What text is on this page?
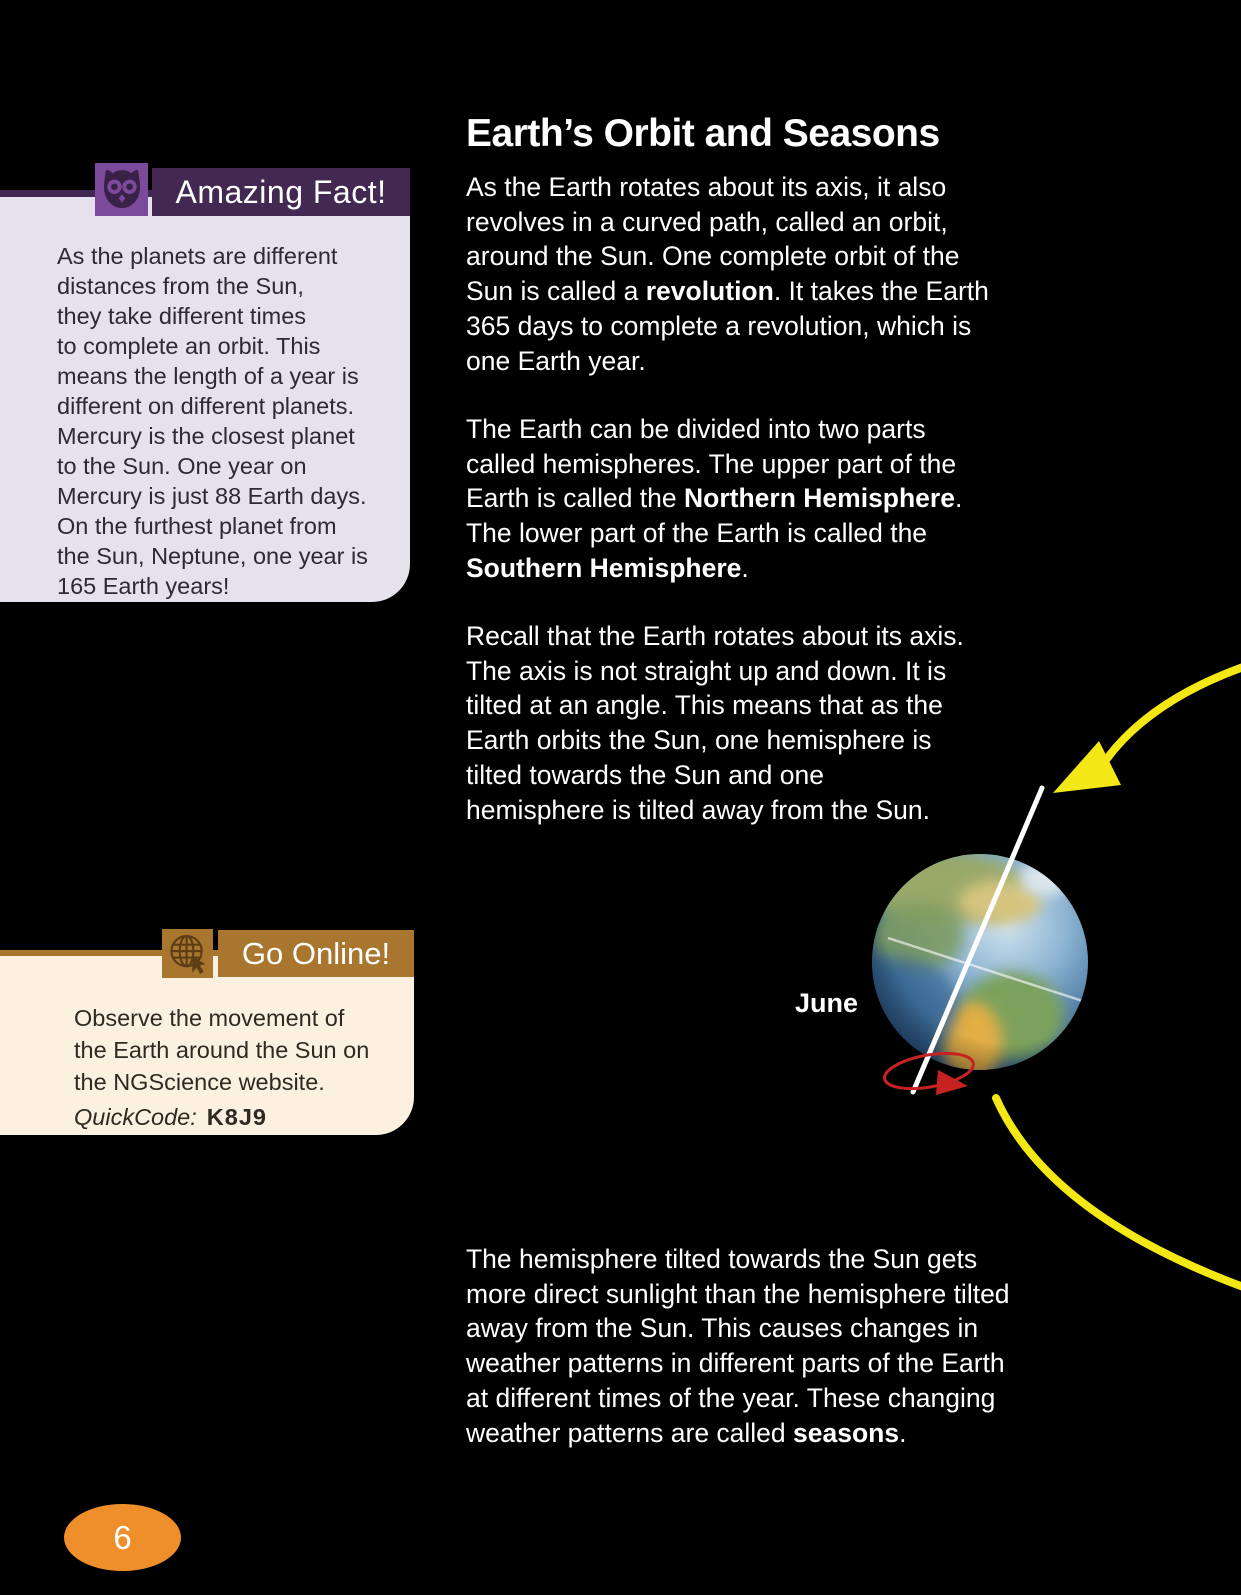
Earth’s Orbit and Seasons

As the Earth rotates about its axis, it also
revolves in a curved path, called an orbit,
around the Sun. One complete orbit of the
Sun is called a revolution. It takes the Earth
365 days to complete a revolution, which is
one Earth year.

The Earth can be divided into two parts
called hemispheres. The upper part of the
Earth is called the Northern Hemisphere.
The lower part of the Earth is called the
Southern Hemisphere.

Recall that the Earth rotates about its axis.
The axis is not straight up and down. It is
tilted at an angle. This means that as the
Earth orbits the Sun, one hemisphere is
tilted towards the Sun and one
hemisphere is tilted away from the Sun.

The hemisphere tilted towards the Sun gets
more direct sunlight than the hemisphere tilted
away from the Sun. This causes changes in
weather patterns in different parts of the Earth
at different times of the year. These changing
weather patterns are called seasons.

As the planets are different
distances from the Sun,
they take different times
to complete an orbit. This
means the length of a year is
different on different planets.
Mercury is the closest planet
to the Sun. One year on
Mercury is just 88 Earth days.
On the furthest planet from
the Sun, Neptune, one year is
165 Earth years!

Amazing Fact!

Observe the movement of
the Earth around the Sun on
the NGScience website.

QuickCode: K8J9

Go Online!
June
6
